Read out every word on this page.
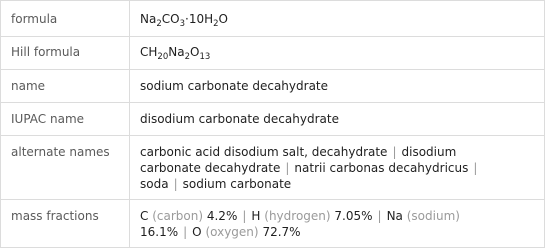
formula	$Na_2CO_3\cdot 10H_2O$
Hill formula	$CH_{20}Na_2O_{13}$
name	sodium carbonate decahydrate
IUPAC name	disodium carbonate decahydrate
alternate names	carbonic acid disodium salt, decahydrate | disodium
carbonate decahydrate | natrii carbonas decahydricus |
soda | sodium carbonate
mass fractions	C (carbon) 4.2% | H (hydrogen) 7.05% | Na (sodium)
16.1% | O (oxygen) 72.7%
